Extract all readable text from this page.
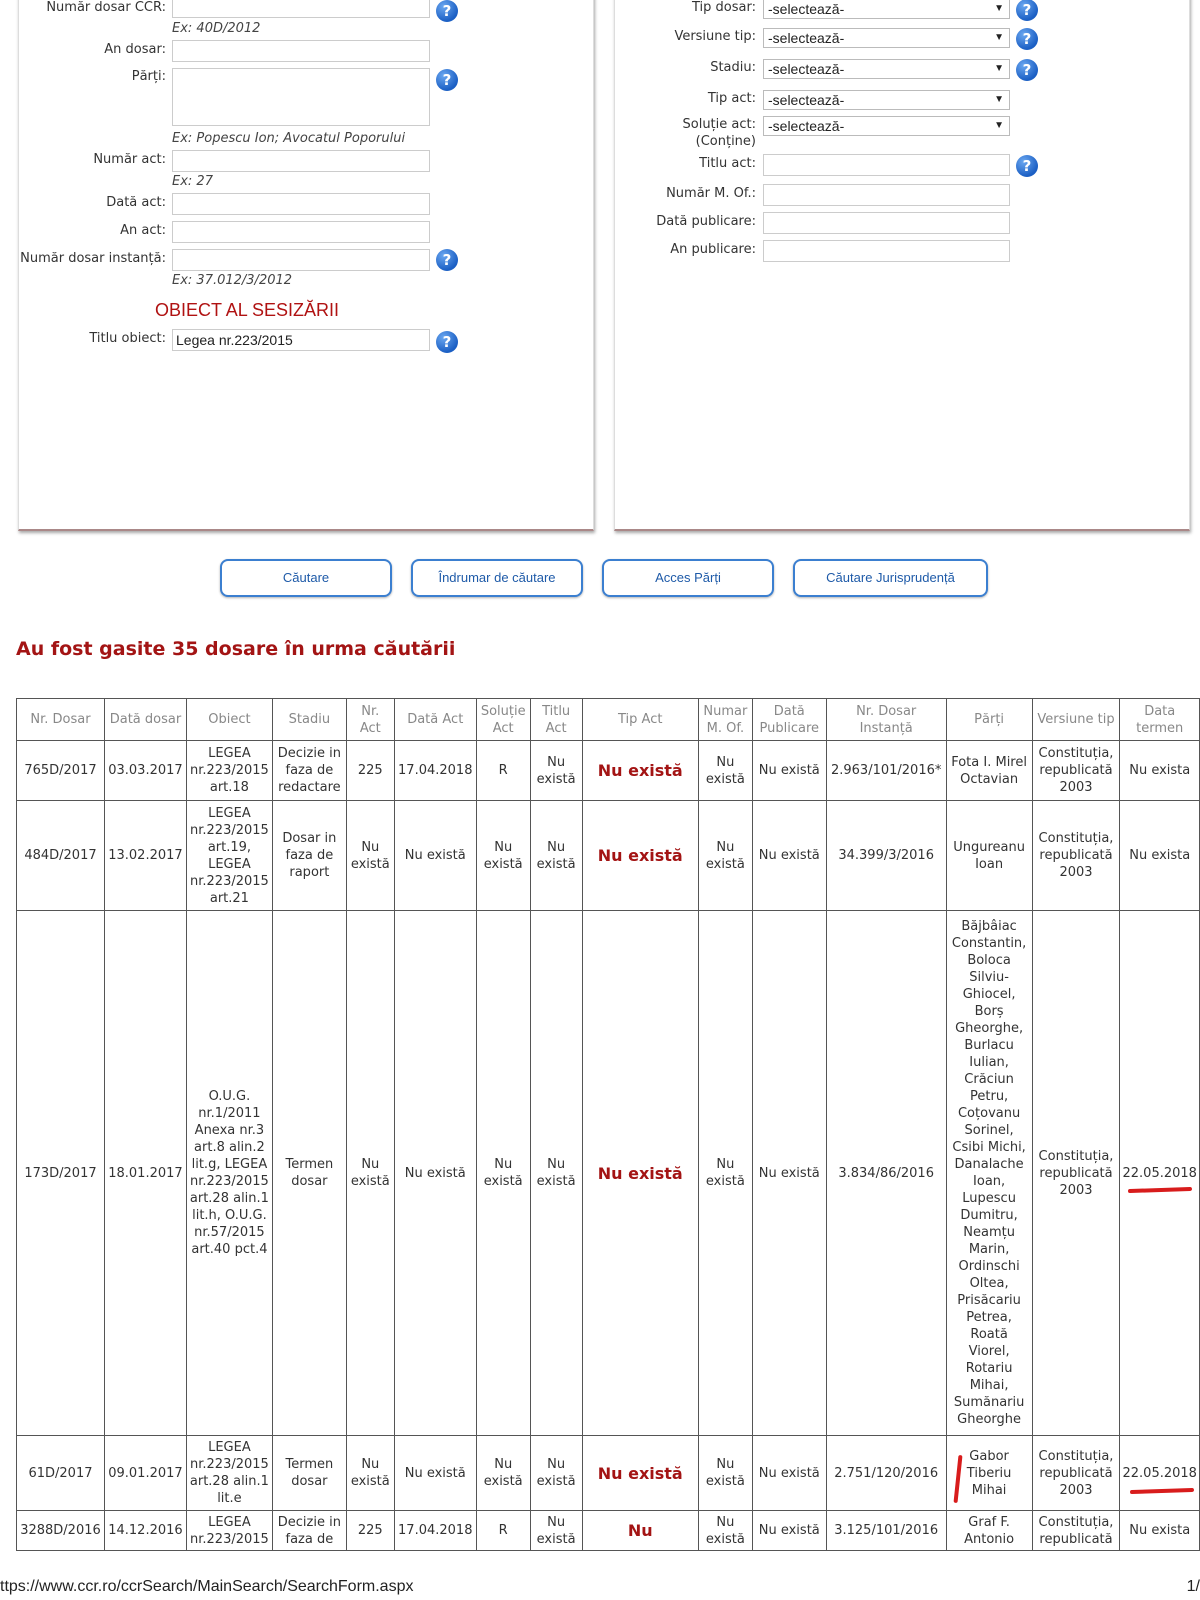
Număr dosar CCR:	?
Ex: 40D/2012
An dosar:
Părți:	?
Ex: Popescu Ion; Avocatul Poporului
Număr act:
Ex: 27
Dată act:
An act:
Număr dosar instanță:	?
Ex: 37.012/3/2012
OBIECT AL SESIZĂRII
Titlu obiect: Legea nr.223/2015	?
Tip dosar: -selectează-	▼	?
Versiune tip: -selectează-	▼	?
Stadiu: -selectează-	▼	?
Tip act: -selectează-	▼
Soluție act:
(Conține)
-selectează-	▼
Titlu act:	?
Număr M. Of.:
Dată publicare:
An publicare:
Căutare	Îndrumar de căutare	Acces Părți	Căutare Jurisprudență
Au fost gasite 35 dosare în urma căutării
Nr. Dosar	Dată dosar	Obiect	Stadiu	Nr. Act	Dată Act	Soluție Act	Titlu Act	Tip Act	Numar M. Of.	Dată Publicare	Nr. Dosar Instanță	Părți	Versiune tip	Data termen
765D/2017	03.03.2017	LEGEA nr.223/2015 art.18	Decizie in faza de redactare	225	17.04.2018	R	Nu există	Nu există	Nu există	Nu există	2.963/101/2016*	Fota I. Mirel Octavian	Constituția, republicată 2003	Nu exista
484D/2017	13.02.2017	LEGEA nr.223/2015 art.19, LEGEA nr.223/2015 art.21	Dosar in faza de raport	Nu există	Nu există	Nu există	Nu există	Nu există	Nu există	Nu există	34.399/3/2016	Ungureanu Ioan	Constituția, republicată 2003	Nu exista
173D/2017	18.01.2017	O.U.G. nr.1/2011 Anexa nr.3 art.8 alin.2 lit.g, LEGEA nr.223/2015 art.28 alin.1 lit.h, O.U.G. nr.57/2015 art.40 pct.4	Termen dosar	Nu există	Nu există	Nu există	Nu există	Nu există	Nu există	Nu există	3.834/86/2016	Băjbâiac Constantin, Boloca Silviu-Ghiocel, Borș Gheorghe, Burlacu Iulian, Crăciun Petru, Coțovanu Sorinel, Csibi Michi, Danalache Ioan, Lupescu Dumitru, Neamțu Marin, Ordinschi Oltea, Prisăcariu Petrea, Roată Viorel, Rotariu Mihai, Sumănariu Gheorghe	Constituția, republicată 2003	22.05.2018
61D/2017	09.01.2017	LEGEA nr.223/2015 art.28 alin.1 lit.e	Termen dosar	Nu există	Nu există	Nu există	Nu există	Nu există	Nu există	Nu există	2.751/120/2016	Gabor Tiberiu Mihai	Constituția, republicată 2003	22.05.2018
3288D/2016	14.12.2016	LEGEA nr.223/2015	Decizie in faza de	225	17.04.2018	R	Nu există	Nu	Nu există	Nu există	3.125/101/2016	Graf F. Antonio	Constituția, republicată	Nu exista
ttps://www.ccr.ro/ccrSearch/MainSearch/SearchForm.aspx	1/
